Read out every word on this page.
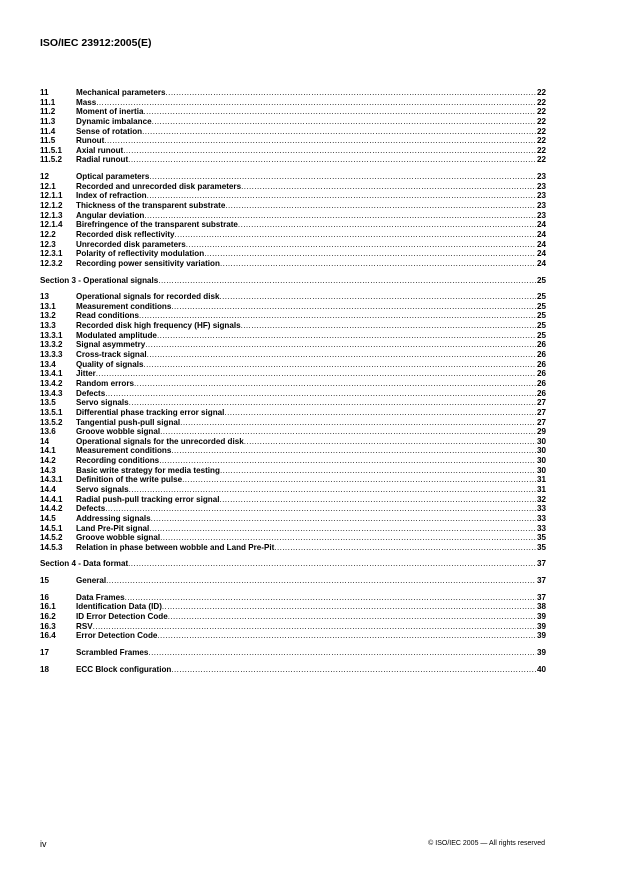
ISO/IEC 23912:2005(E)
11	Mechanical parameters .....	22
11.1	Mass .....	22
11.2	Moment of inertia .....	22
11.3	Dynamic imbalance .....	22
11.4	Sense of rotation .....	22
11.5	Runout .....	22
11.5.1	Axial runout .....	22
11.5.2	Radial runout .....	22
12	Optical parameters .....	23
12.1	Recorded and unrecorded disk parameters .....	23
12.1.1	Index of refraction .....	23
12.1.2	Thickness of the transparent substrate .....	23
12.1.3	Angular deviation .....	23
12.1.4	Birefringence of the transparent substrate .....	24
12.2	Recorded disk reflectivity .....	24
12.3	Unrecorded disk parameters .....	24
12.3.1	Polarity of reflectivity modulation .....	24
12.3.2	Recording power sensitivity variation .....	24
Section 3 - Operational signals .....	25
13	Operational signals for recorded disk .....	25
13.1	Measurement conditions .....	25
13.2	Read conditions .....	25
13.3	Recorded disk high frequency (HF) signals .....	25
13.3.1	Modulated amplitude .....	25
13.3.2	Signal asymmetry .....	26
13.3.3	Cross-track signal .....	26
13.4	Quality of signals .....	26
13.4.1	Jitter .....	26
13.4.2	Random errors .....	26
13.4.3	Defects .....	26
13.5	Servo signals .....	27
13.5.1	Differential phase tracking error signal .....	27
13.5.2	Tangential push-pull signal .....	27
13.6	Groove wobble signal .....	29
14	Operational signals for the unrecorded disk .....	30
14.1	Measurement conditions .....	30
14.2	Recording conditions .....	30
14.3	Basic write strategy for media testing .....	30
14.3.1	Definition of the write pulse .....	31
14.4	Servo signals .....	31
14.4.1	Radial push-pull tracking error signal .....	32
14.4.2	Defects .....	33
14.5	Addressing signals .....	33
14.5.1	Land Pre-Pit signal .....	33
14.5.2	Groove wobble signal .....	35
14.5.3	Relation in phase between wobble and Land Pre-Pit .....	35
Section 4 - Data format .....	37
15	General .....	37
16	Data Frames .....	37
16.1	Identification Data (ID) .....	38
16.2	ID Error Detection Code .....	39
16.3	RSV .....	39
16.4	Error Detection Code .....	39
17	Scrambled Frames .....	39
18	ECC Block configuration .....	40
iv	© ISO/IEC 2005 — All rights reserved
